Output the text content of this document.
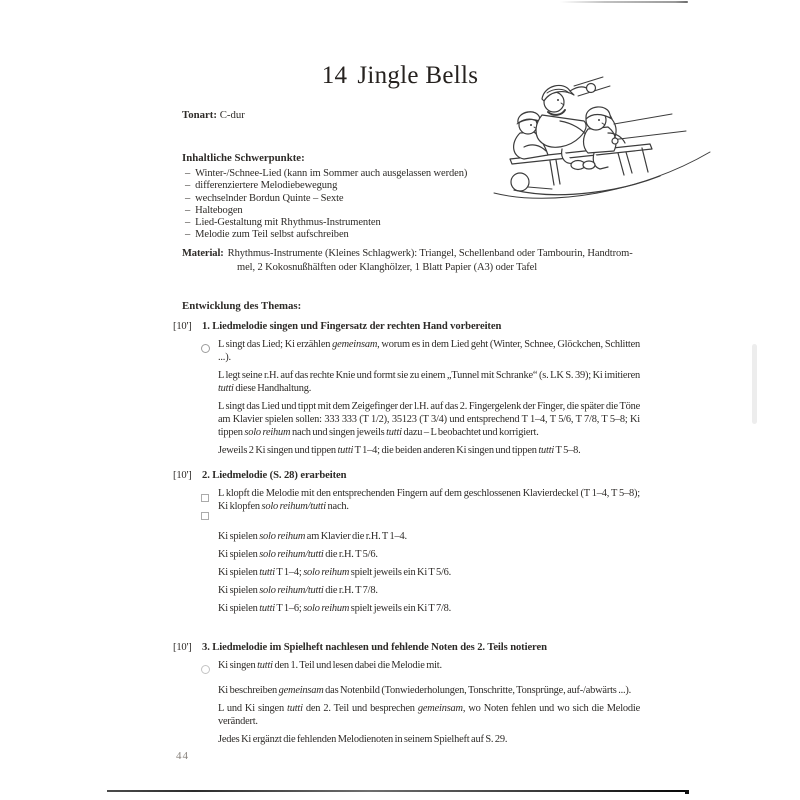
14 Jingle Bells
Tonart: C-dur
Inhaltliche Schwerpunkte:
– Winter-/Schnee-Lied (kann im Sommer auch ausgelassen werden)
– differenziertere Melodiebewegung
– wechselnder Bordun Quinte – Sexte
– Haltebogen
– Lied-Gestaltung mit Rhythmus-Instrumenten
– Melodie zum Teil selbst aufschreiben
Material: Rhythmus-Instrumente (Kleines Schlagwerk): Triangel, Schellenband oder Tambourin, Handtrom-
mel, 2 Kokosnußhälften oder Klanghölzer, 1 Blatt Papier (A3) oder Tafel
Entwicklung des Themas:
[10'] 1. Liedmelodie singen und Fingersatz der rechten Hand vorbereiten
L singt das Lied; Ki erzählen gemeinsam, worum es in dem Lied geht (Winter, Schnee, Glöckchen, Schlitten ...).
L legt seine r.H. auf das rechte Knie und formt sie zu einem „Tunnel mit Schranke“ (s. LK S. 39); Ki imitieren tutti diese Handhaltung.
L singt das Lied und tippt mit dem Zeigefinger der l.H. auf das 2. Fingergelenk der Finger, die später die Töne am Klavier spielen sollen: 333 333 (T 1/2), 35123 (T 3/4) und entsprechend T 1–4, T 5/6, T 7/8, T 5–8; Ki tippen solo reihum nach und singen jeweils tutti dazu – L beobachtet und korrigiert.
Jeweils 2 Ki singen und tippen tutti T 1–4; die beiden anderen Ki singen und tippen tutti T 5–8.
[10'] 2. Liedmelodie (S. 28) erarbeiten
L klopft die Melodie mit den entsprechenden Fingern auf dem geschlossenen Klavierdeckel (T 1–4, T 5–8); Ki klopfen solo reihum/tutti nach.
Ki spielen solo reihum am Klavier die r.H. T 1–4.
Ki spielen solo reihum/tutti die r.H. T 5/6.
Ki spielen tutti T 1–4; solo reihum spielt jeweils ein Ki T 5/6.
Ki spielen solo reihum/tutti die r.H. T 7/8.
Ki spielen tutti T 1–6; solo reihum spielt jeweils ein Ki T 7/8.
[10'] 3. Liedmelodie im Spielheft nachlesen und fehlende Noten des 2. Teils notieren
Ki singen tutti den 1. Teil und lesen dabei die Melodie mit.
Ki beschreiben gemeinsam das Notenbild (Tonwiederholungen, Tonschritte, Tonsprünge, auf-/abwärts ...).
L und Ki singen tutti den 2. Teil und besprechen gemeinsam, wo Noten fehlen und wo sich die Melodie verändert.
Jedes Ki ergänzt die fehlenden Melodienoten in seinem Spielheft auf S. 29.
44
